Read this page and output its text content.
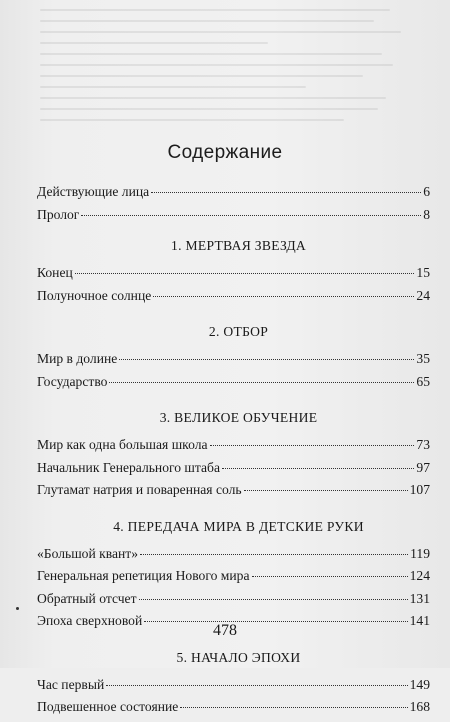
Содержание
Действующие лица	6
Пролог	8
1. МЕРТВАЯ ЗВЕЗДА
Конец	15
Полуночное солнце	24
2. ОТБОР
Мир в долине	35
Государство	65
3. ВЕЛИКОЕ ОБУЧЕНИЕ
Мир как одна большая школа	73
Начальник Генерального штаба	97
Глутамат натрия и поваренная соль	107
4. ПЕРЕДАЧА МИРА В ДЕТСКИЕ РУКИ
«Большой квант»	119
Генеральная репетиция Нового мира	124
Обратный отсчет	131
Эпоха сверхновой	141
5. НАЧАЛО ЭПОХИ
Час первый	149
Подвешенное состояние	168
478
